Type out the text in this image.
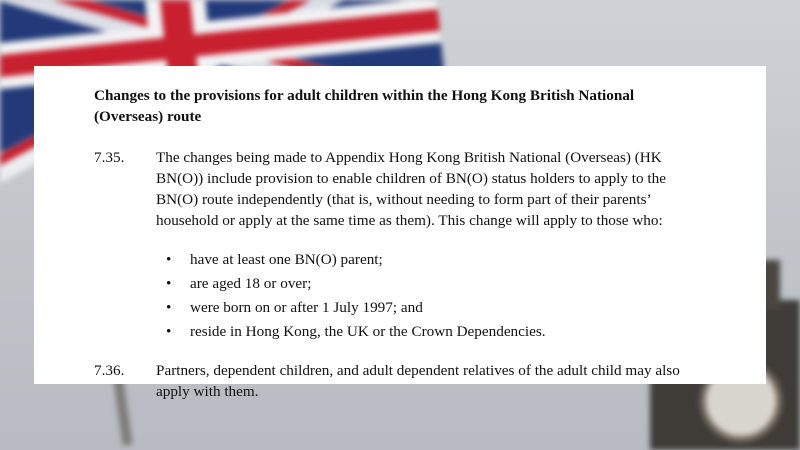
Changes to the provisions for adult children within the Hong Kong British National (Overseas) route

7.35. The changes being made to Appendix Hong Kong British National (Overseas) (HK BN(O)) include provision to enable children of BN(O) status holders to apply to the BN(O) route independently (that is, without needing to form part of their parents’ household or apply at the same time as them). This change will apply to those who:
• have at least one BN(O) parent;
• are aged 18 or over;
• were born on or after 1 July 1997; and
• reside in Hong Kong, the UK or the Crown Dependencies.
7.36. Partners, dependent children, and adult dependent relatives of the adult child may also apply with them.
